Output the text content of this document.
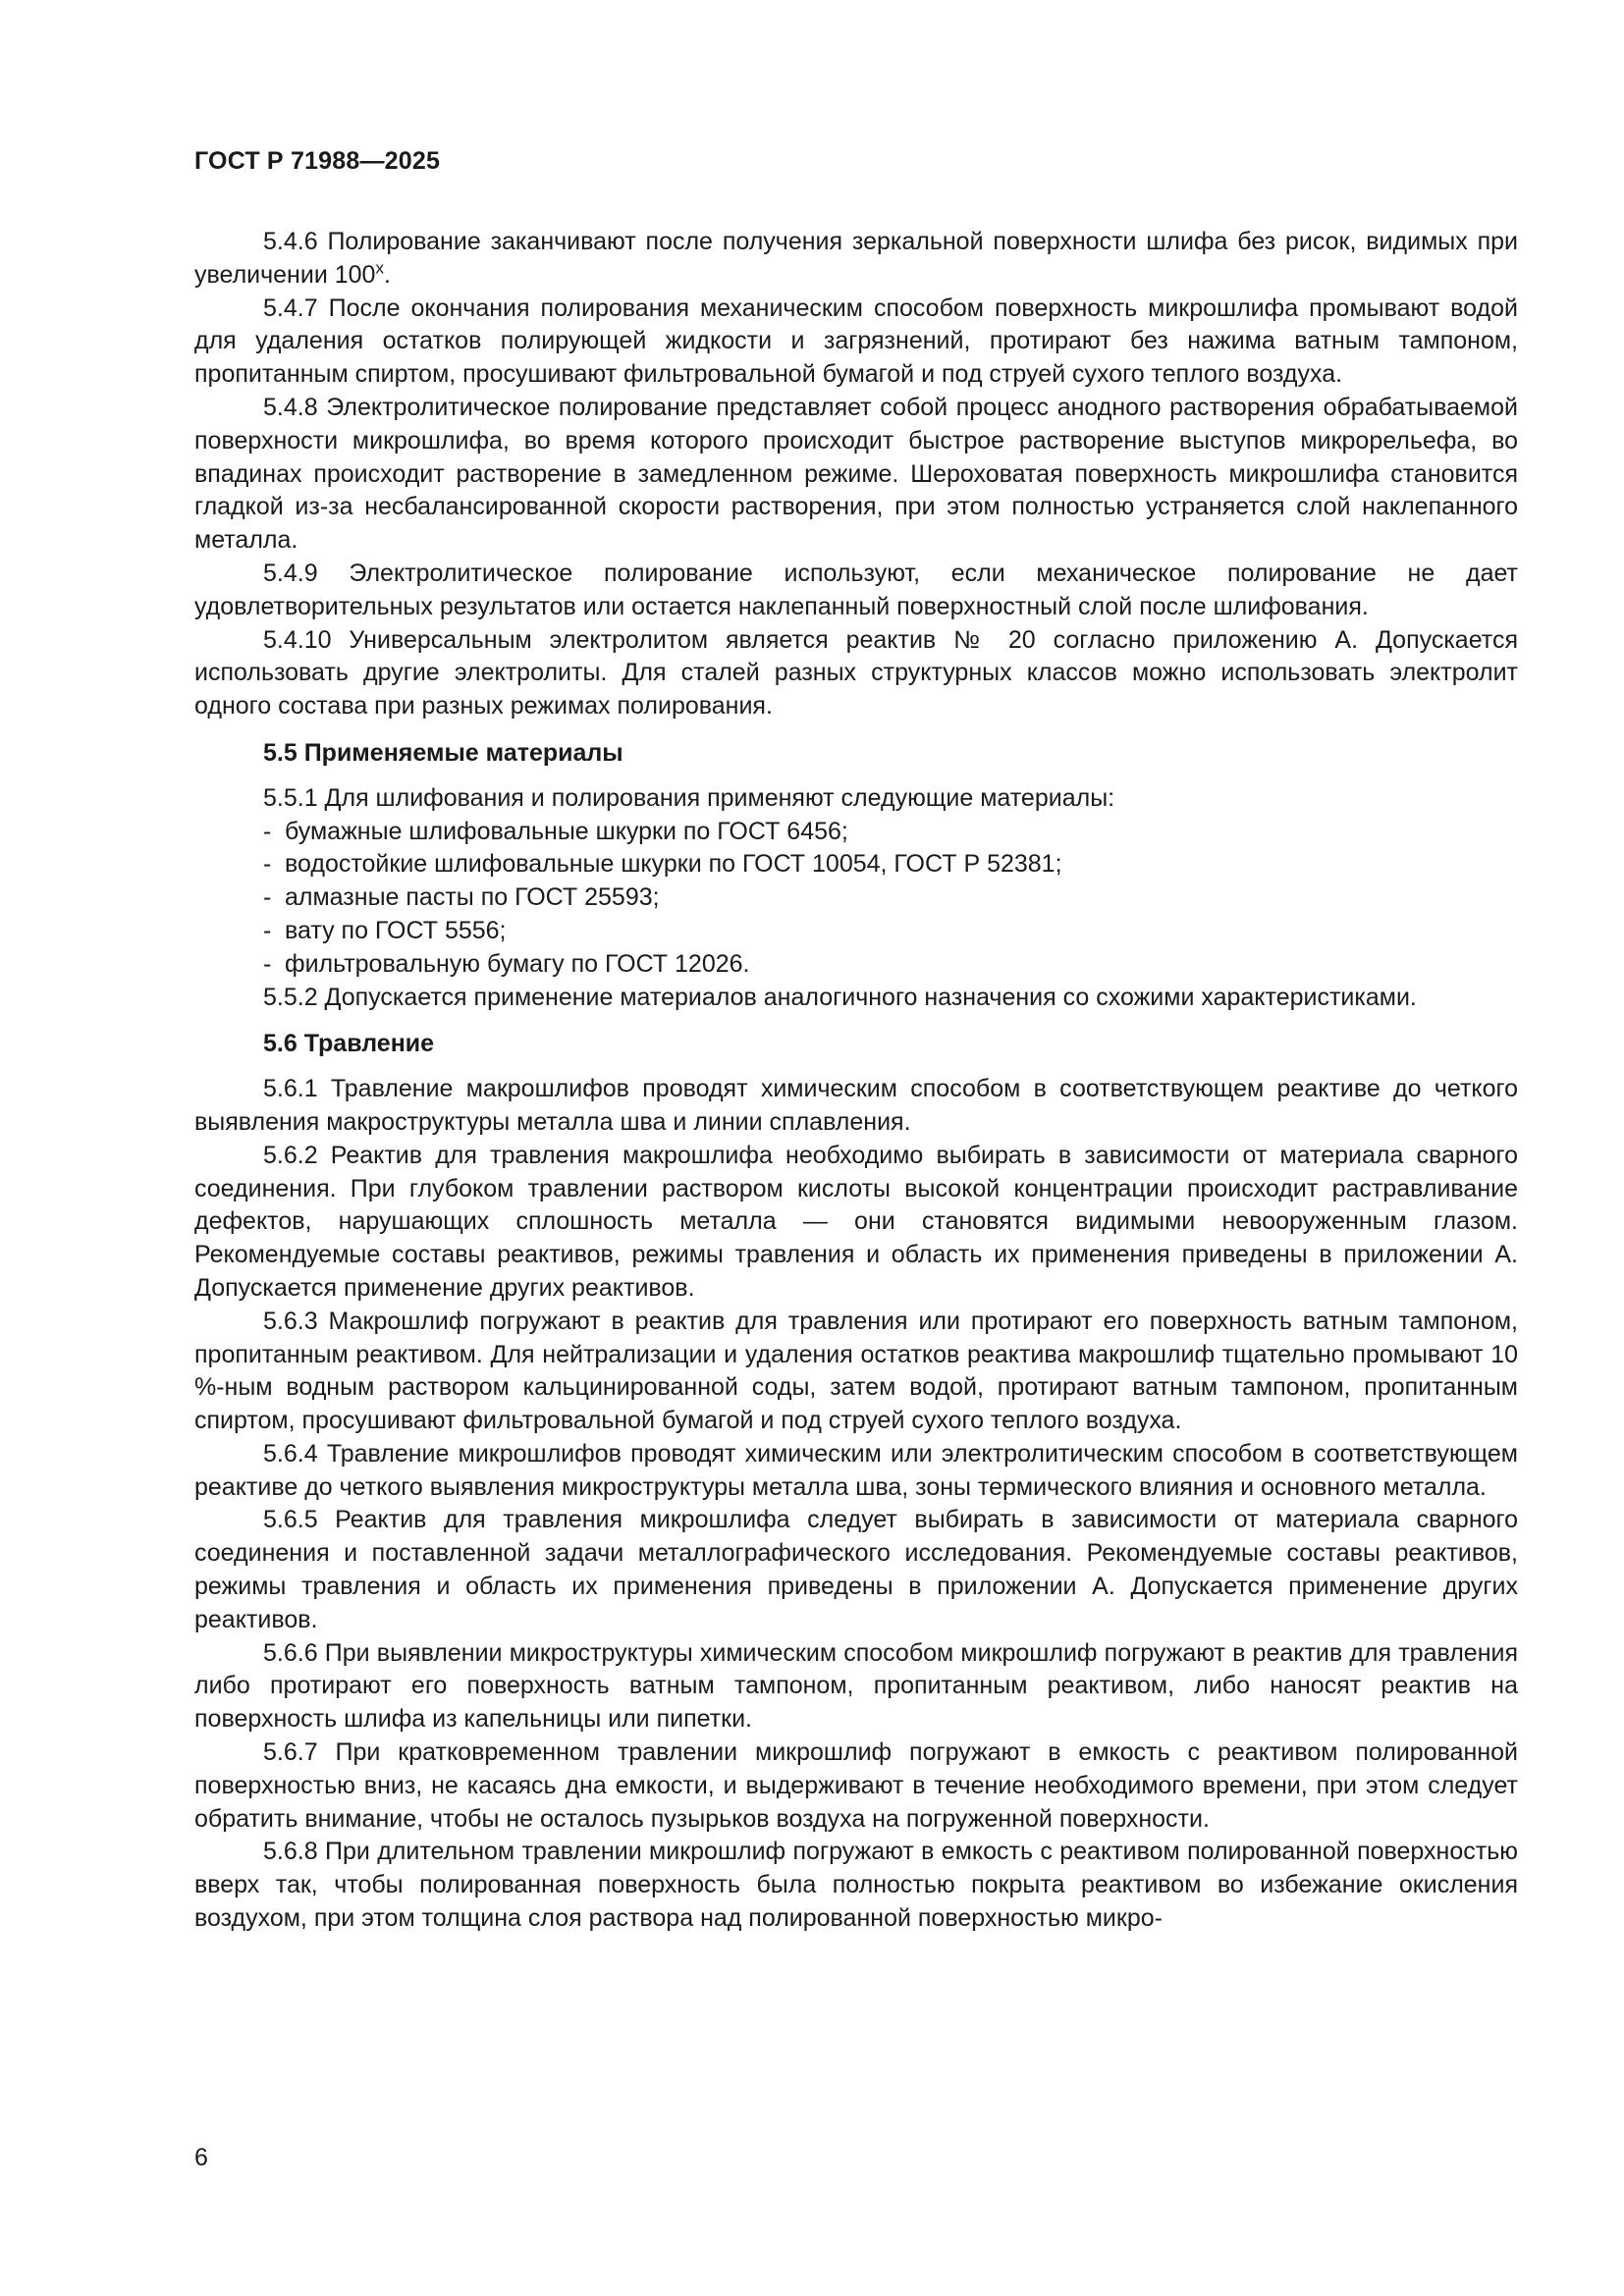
ГОСТ Р 71988—2025

5.4.6 Полирование заканчивают после получения зеркальной поверхности шлифа без рисок, видимых при увеличении $100^х$.

5.4.7 После окончания полирования механическим способом поверхность микрошлифа промывают водой для удаления остатков полирующей жидкости и загрязнений, протирают без нажима ватным тампоном, пропитанным спиртом, просушивают фильтровальной бумагой и под струей сухого теплого воздуха.

5.4.8 Электролитическое полирование представляет собой процесс анодного растворения обрабатываемой поверхности микрошлифа, во время которого происходит быстрое растворение выступов микрорельефа, во впадинах происходит растворение в замедленном режиме. Шероховатая поверхность микрошлифа становится гладкой из-за несбалансированной скорости растворения, при этом полностью устраняется слой наклепанного металла.

5.4.9 Электролитическое полирование используют, если механическое полирование не дает удовлетворительных результатов или остается наклепанный поверхностный слой после шлифования.

5.4.10 Универсальным электролитом является реактив № 20 согласно приложению А. Допускается использовать другие электролиты. Для сталей разных структурных классов можно использовать электролит одного состава при разных режимах полирования.

5.5 Применяемые материалы

5.5.1 Для шлифования и полирования применяют следующие материалы:

- бумажные шлифовальные шкурки по ГОСТ 6456;
- водостойкие шлифовальные шкурки по ГОСТ 10054, ГОСТ Р 52381;
- алмазные пасты по ГОСТ 25593;
- вату по ГОСТ 5556;
- фильтровальную бумагу по ГОСТ 12026.

5.5.2 Допускается применение материалов аналогичного назначения со схожими характеристиками.

5.6 Травление

5.6.1 Травление макрошлифов проводят химическим способом в соответствующем реактиве до четкого выявления макроструктуры металла шва и линии сплавления.

5.6.2 Реактив для травления макрошлифа необходимо выбирать в зависимости от материала сварного соединения. При глубоком травлении раствором кислоты высокой концентрации происходит растравливание дефектов, нарушающих сплошность металла — они становятся видимыми невооруженным глазом. Рекомендуемые составы реактивов, режимы травления и область их применения приведены в приложении А. Допускается применение других реактивов.

5.6.3 Макрошлиф погружают в реактив для травления или протирают его поверхность ватным тампоном, пропитанным реактивом. Для нейтрализации и удаления остатков реактива макрошлиф тщательно промывают 10 %-ным водным раствором кальцинированной соды, затем водой, протирают ватным тампоном, пропитанным спиртом, просушивают фильтровальной бумагой и под струей сухого теплого воздуха.

5.6.4 Травление микрошлифов проводят химическим или электролитическим способом в соответствующем реактиве до четкого выявления микроструктуры металла шва, зоны термического влияния и основного металла.

5.6.5 Реактив для травления микрошлифа следует выбирать в зависимости от материала сварного соединения и поставленной задачи металлографического исследования. Рекомендуемые составы реактивов, режимы травления и область их применения приведены в приложении А. Допускается применение других реактивов.

5.6.6 При выявлении микроструктуры химическим способом микрошлиф погружают в реактив для травления либо протирают его поверхность ватным тампоном, пропитанным реактивом, либо наносят реактив на поверхность шлифа из капельницы или пипетки.

5.6.7 При кратковременном травлении микрошлиф погружают в емкость с реактивом полированной поверхностью вниз, не касаясь дна емкости, и выдерживают в течение необходимого времени, при этом следует обратить внимание, чтобы не осталось пузырьков воздуха на погруженной поверхности.

5.6.8 При длительном травлении микрошлиф погружают в емкость с реактивом полированной поверхностью вверх так, чтобы полированная поверхность была полностью покрыта реактивом во избежание окисления воздухом, при этом толщина слоя раствора над полированной поверхностью микро-

6
